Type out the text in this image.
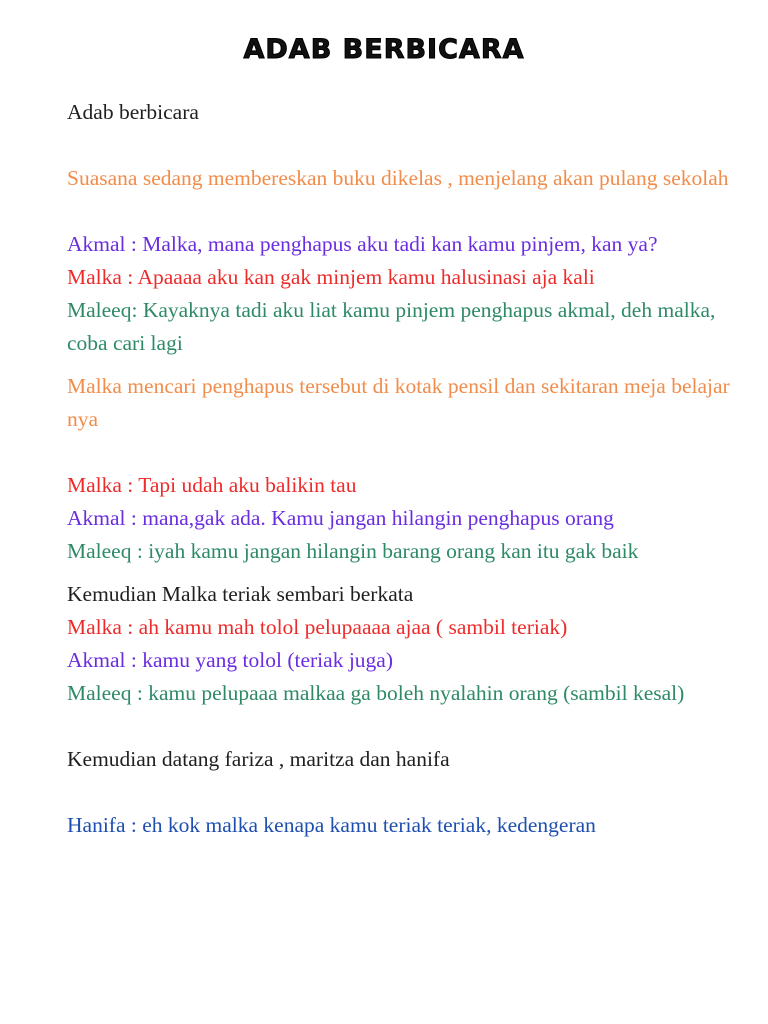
ADAB BERBICARA

Adab berbicara

Suasana sedang membereskan buku dikelas , menjelang akan pulang sekolah

Akmal : Malka, mana penghapus aku tadi kan kamu pinjem, kan ya?

Malka : Apaaaa aku kan gak minjem kamu halusinasi aja kali

Maleeq: Kayaknya tadi aku liat kamu pinjem penghapus akmal, deh malka, coba cari lagi

Malka mencari penghapus tersebut di kotak pensil dan sekitaran meja belajar nya

Malka : Tapi udah aku balikin tau

Akmal : mana,gak ada. Kamu jangan hilangin penghapus orang

Maleeq : iyah kamu jangan hilangin barang orang kan itu gak baik

Kemudian Malka teriak sembari berkata

Malka : ah kamu mah tolol pelupaaaa ajaa ( sambil teriak)

Akmal : kamu yang tolol (teriak juga)

Maleeq : kamu pelupaaa malkaa ga boleh nyalahin orang (sambil kesal)

Kemudian datang fariza , maritza dan hanifa

Hanifa : eh kok malka kenapa kamu teriak teriak, kedengeran
